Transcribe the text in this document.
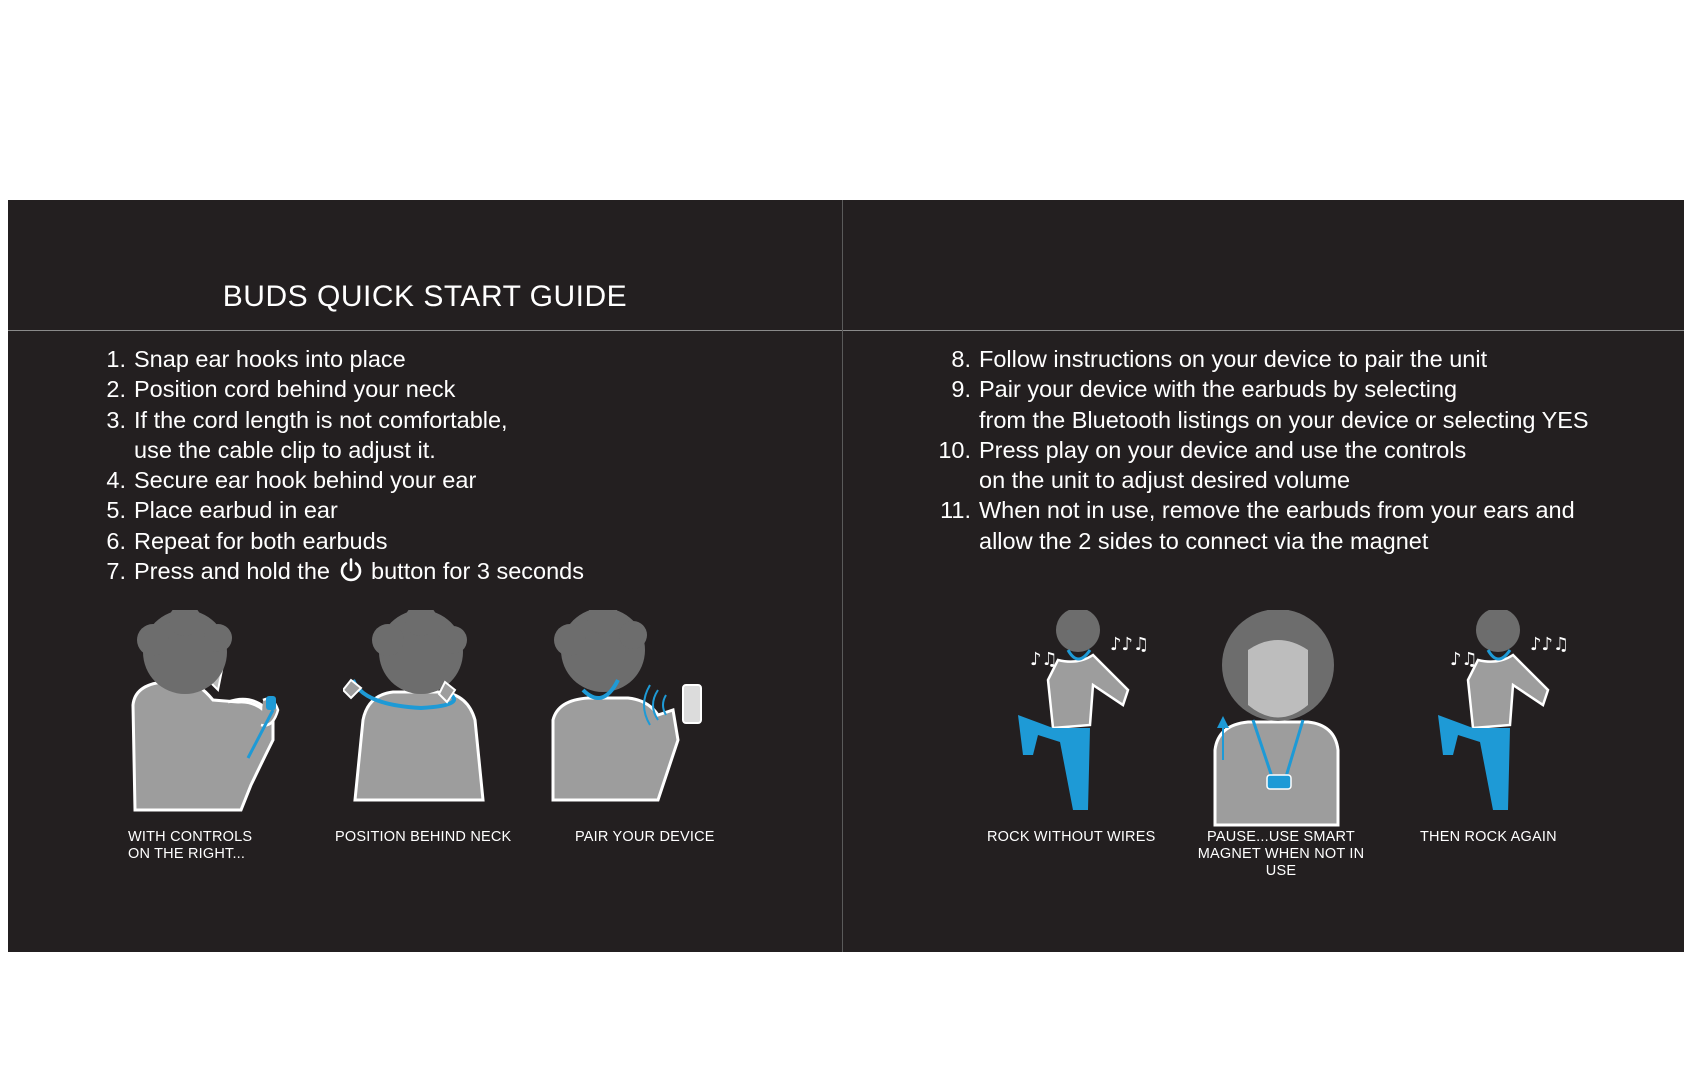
BUDS QUICK START GUIDE
1. Snap ear hooks into place
2. Position cord behind your neck
3. If the cord length is not comfortable,
use the cable clip to adjust it.
4. Secure ear hook behind your ear
5. Place earbud in ear
6. Repeat for both earbuds
7. Press and hold the button for 3 seconds
8. Follow instructions on your device to pair the unit
9. Pair your device with the earbuds by selecting
from the Bluetooth listings on your device or selecting YES
10. Press play on your device and use the controls
on the unit to adjust desired volume
11. When not in use, remove the earbuds from your ears and
allow the 2 sides to connect via the magnet
♪♫
♪♪♫
♪♫
♪♪♫
WITH CONTROLS
ON THE RIGHT...
POSITION BEHIND NECK	PAIR YOUR DEVICE	ROCK WITHOUT WIRES	PAUSE...USE SMART
MAGNET WHEN NOT IN USE
THEN ROCK AGAIN
